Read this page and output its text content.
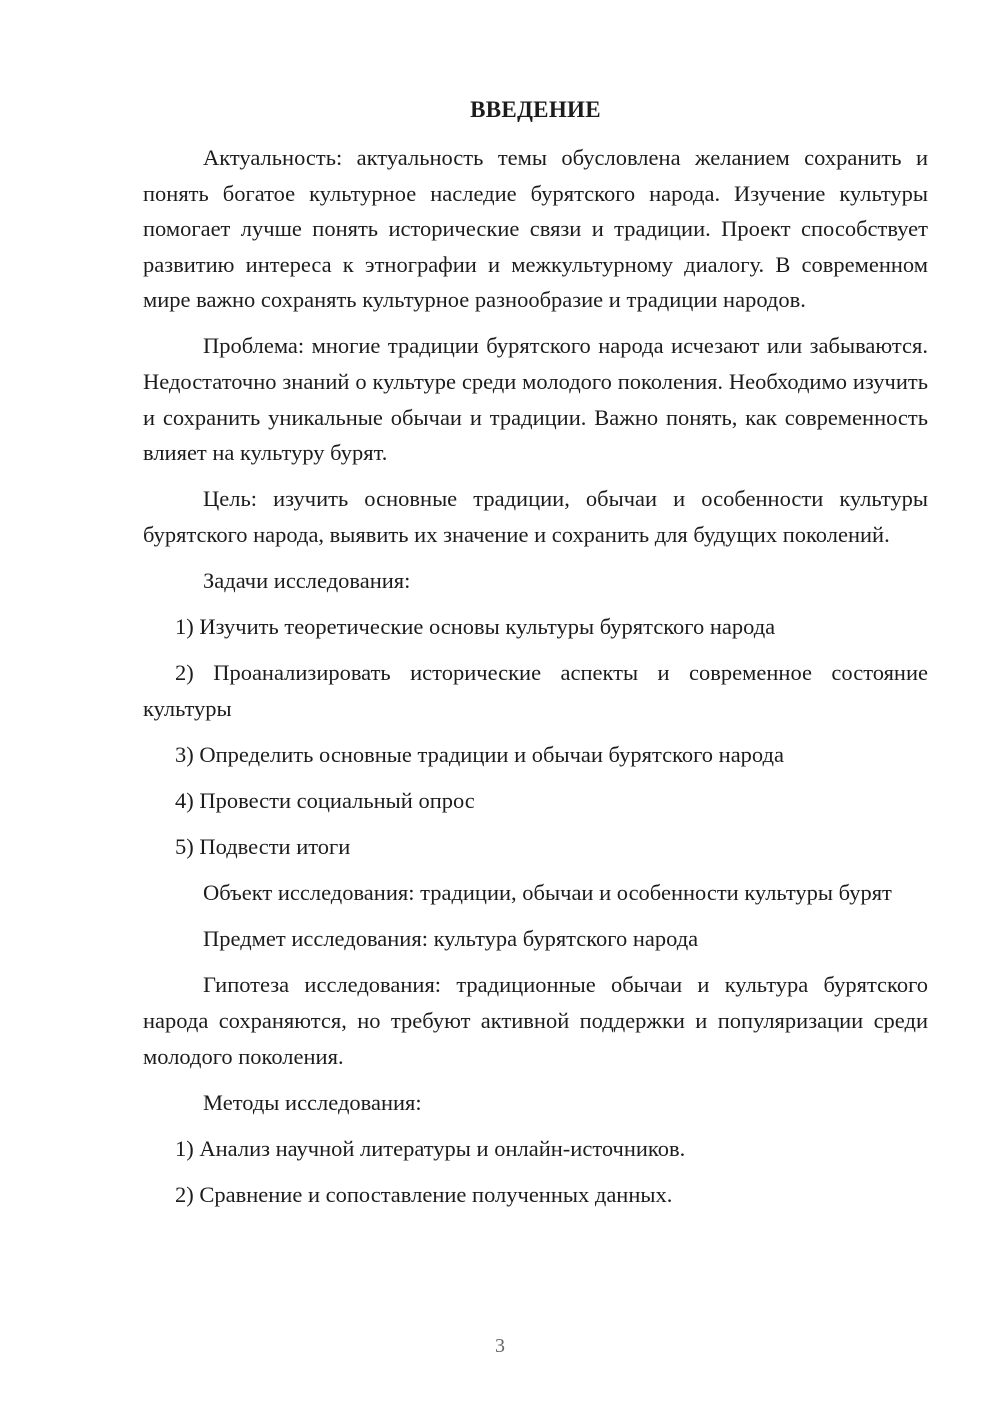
ВВЕДЕНИЕ

Актуальность: актуальность темы обусловлена желанием сохранить и понять богатое культурное наследие бурятского народа. Изучение культуры помогает лучше понять исторические связи и традиции. Проект способствует развитию интереса к этнографии и межкультурному диалогу. В современном мире важно сохранять культурное разнообразие и традиции народов.

Проблема: многие традиции бурятского народа исчезают или забываются. Недостаточно знаний о культуре среди молодого поколения. Необходимо изучить и сохранить уникальные обычаи и традиции. Важно понять, как современность влияет на культуру бурят.

Цель: изучить основные традиции, обычаи и особенности культуры бурятского народа, выявить их значение и сохранить для будущих поколений.

Задачи исследования:

1) Изучить теоретические основы культуры бурятского народа

2) Проанализировать исторические аспекты и современное состояние культуры

3) Определить основные традиции и обычаи бурятского народа

4) Провести социальный опрос

5) Подвести итоги

Объект исследования: традиции, обычаи и особенности культуры бурят

Предмет исследования: культура бурятского народа

Гипотеза исследования: традиционные обычаи и культура бурятского народа сохраняются, но требуют активной поддержки и популяризации среди молодого поколения.

Методы исследования:

1) Анализ научной литературы и онлайн-источников.

2) Сравнение и сопоставление полученных данных.

3
